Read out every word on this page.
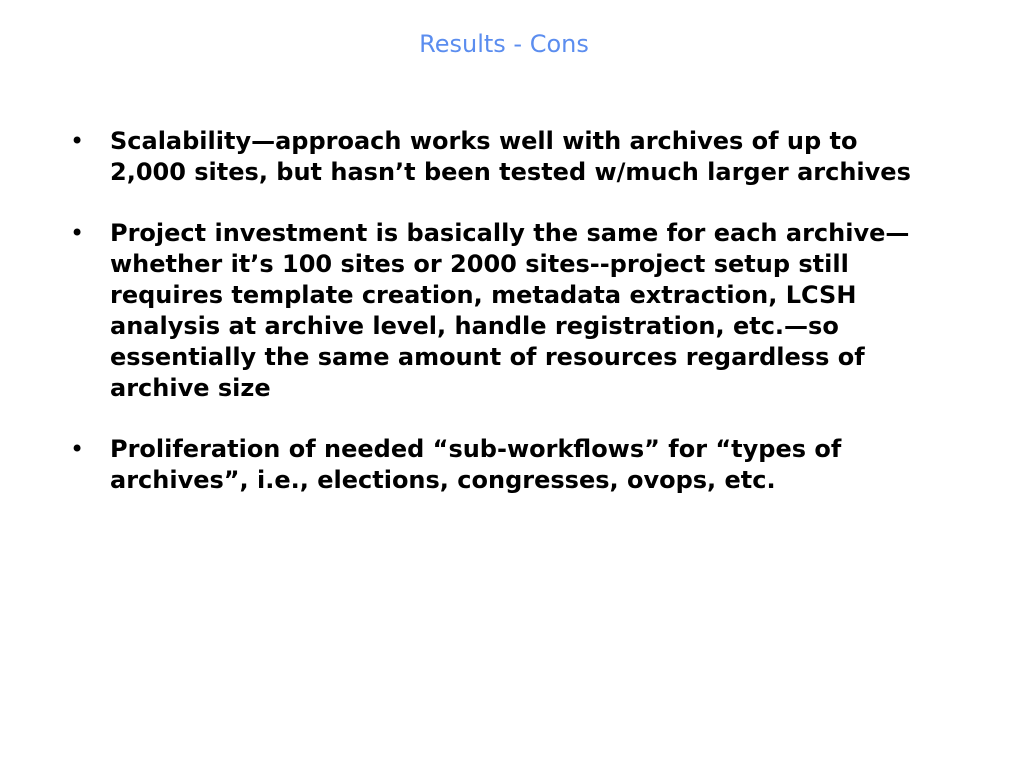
Results - Cons
• Scalability—approach works well with archives of up to 2,000 sites, but hasn’t been tested w/much larger archives
• Project investment is basically the same for each archive—whether it’s 100 sites or 2000 sites--project setup still requires template creation, metadata extraction, LCSH analysis at archive level, handle registration, etc.—so essentially the same amount of resources regardless of archive size
• Proliferation of needed “sub-workflows” for “types of archives”, i.e., elections, congresses, ovops, etc.
